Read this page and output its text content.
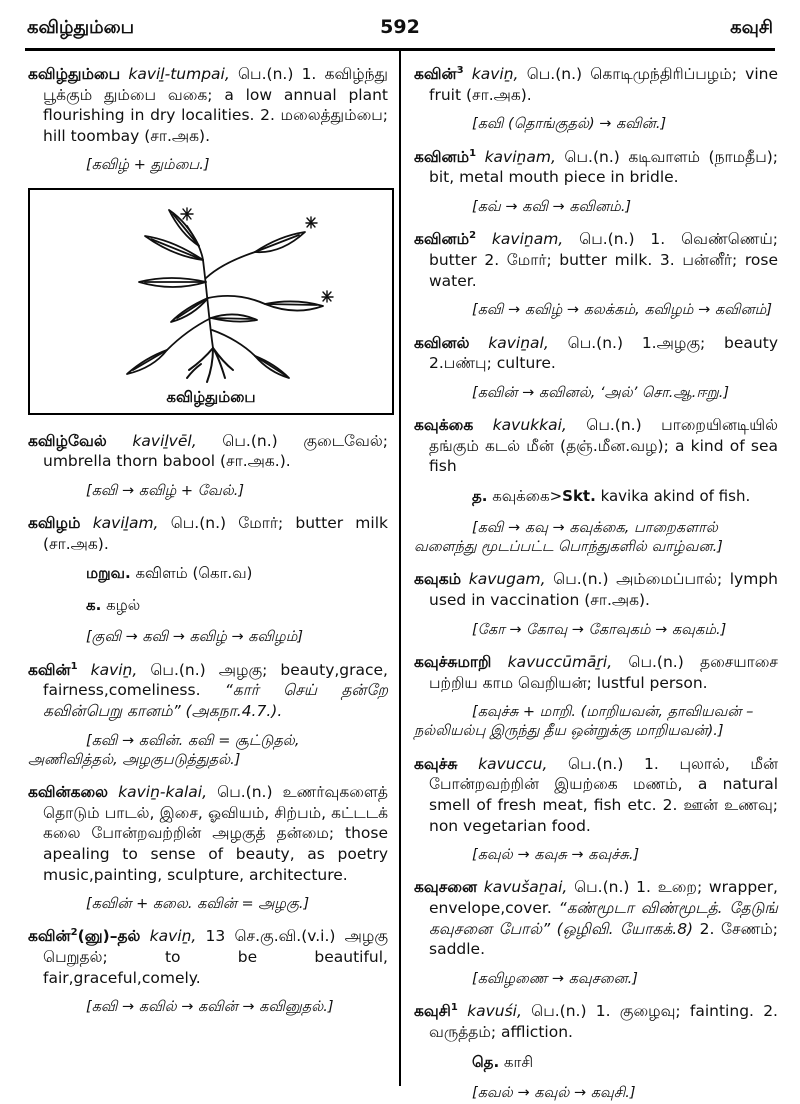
கவிழ்தும்பை	592	கவுசி

கவிழ்தும்பை kaviḻ-tumpai, பெ.(n.) 1. கவிழ்ந்து பூக்கும் தும்பை வகை; a low annual plant flourishing in dry localities. 2. மலைத்தும்பை; hill toombay (சா.அக).

[கவிழ் + தும்பை.]

கவிழ்தும்பை

கவிழ்வேல் kaviḻvēl, பெ.(n.) குடைவேல்; umbrella thorn babool (சா.அக.).

[கவி → கவிழ் + வேல்.]

கவிழம் kaviḻam, பெ.(n.) மோர்; butter milk (சா.அக).

மறுவ. கவிளம் (கொ.வ)

க. கழல்

[குவி → கவி → கவிழ் → கவிழம்]

கவின்$^1$ kaviṉ, பெ.(n.) அழகு; beauty,grace, fairness,comeliness. “கார் செய் தன்றே கவின்பெறு கானம்” (அகநா.4.7.).

[கவி → கவின். கவி = சூட்டுதல், அணிவித்தல், அழகுபடுத்துதல்.]

கவின்கலை kaviṉ-kalai, பெ.(n.) உணர்வுகளைத் தொடும் பாடல், இசை, ஓவியம், சிற்பம், கட்டடக் கலை போன்றவற்றின் அழகுத் தன்மை; those apealing to sense of beauty, as poetry music,painting, sculpture, architecture.

[கவின் + கலை. கவின் = அழகு.]

கவின்$^2$(னு)–தல் kaviṉ, 13 செ.கு.வி.(v.i.) அழகு பெறுதல்; to be beautiful, fair,graceful,comely.

[கவி → கவில் → கவின் → கவினுதல்.]

கவின்$^3$ kaviṉ, பெ.(n.) கொடிமுந்திரிப்பழம்; vine fruit (சா.அக).

[கவி (தொங்குதல்) → கவின்.]

கவினம்$^1$ kaviṉam, பெ.(n.) கடிவாளம் (நாமதீப); bit, metal mouth piece in bridle.

[கவ் → கவி → கவினம்.]

கவினம்$^2$ kaviṉam, பெ.(n.) 1. வெண்ணெய்; butter 2. மோர்; butter milk. 3. பன்னீர்; rose water.

[கவி → கவிழ் → கலக்கம், கவிழம் → கவினம்]

கவினல் kaviṉal, பெ.(n.) 1.அழகு; beauty 2.பண்பு; culture.

[கவின் → கவினல், ‘அல்’ சொ.ஆ.ஈறு.]

கவுக்கை kavukkai, பெ.(n.) பாறையினடியில் தங்கும் கடல் மீன் (தஞ்.மீன.வழ); a kind of sea fish

த. கவுக்கை>Skt. kavika akind of fish.

[கவி → கவு → கவுக்கை, பாறைகளால் வளைந்து மூடப்பட்ட பொந்துகளில் வாழ்வன.]

கவுகம் kavugam, பெ.(n.) அம்மைப்பால்; lymph used in vaccination (சா.அக).

[கோ → கோவு → கோவுகம் → கவுகம்.]

கவுச்சுமாறி kavuccūmāṟi, பெ.(n.) தசையாசை பற்றிய காம வெறியன்; lustful person.

[கவுச்சு + மாறி. (மாறியவன், தாவியவன் – நல்லியல்பு இருந்து தீய ஒன்றுக்கு மாறியவன்).]

கவுச்சு kavuccu, பெ.(n.) 1. புலால், மீன் போன்றவற்றின் இயற்கை மணம், a natural smell of fresh meat, fish etc. 2. ஊன் உணவு; non vegetarian food.

[கவுல் → கவுசு → கவுச்சு.]

கவுசனை kavušaṉai, பெ.(n.) 1. உறை; wrapper, envelope,cover. “கண்மூடா விண்மூடத். தேடுங் கவுசனை போல்” (ஒழிவி. யோகக்.8) 2. சேணம்; saddle.

[கவிழணை → கவுசனை.]

கவுசி$^1$ kavuśi, பெ.(n.) 1. குழைவு; fainting. 2. வருத்தம்; affliction.

தெ. காசி

[கவல் → கவுல் → கவுசி.]
